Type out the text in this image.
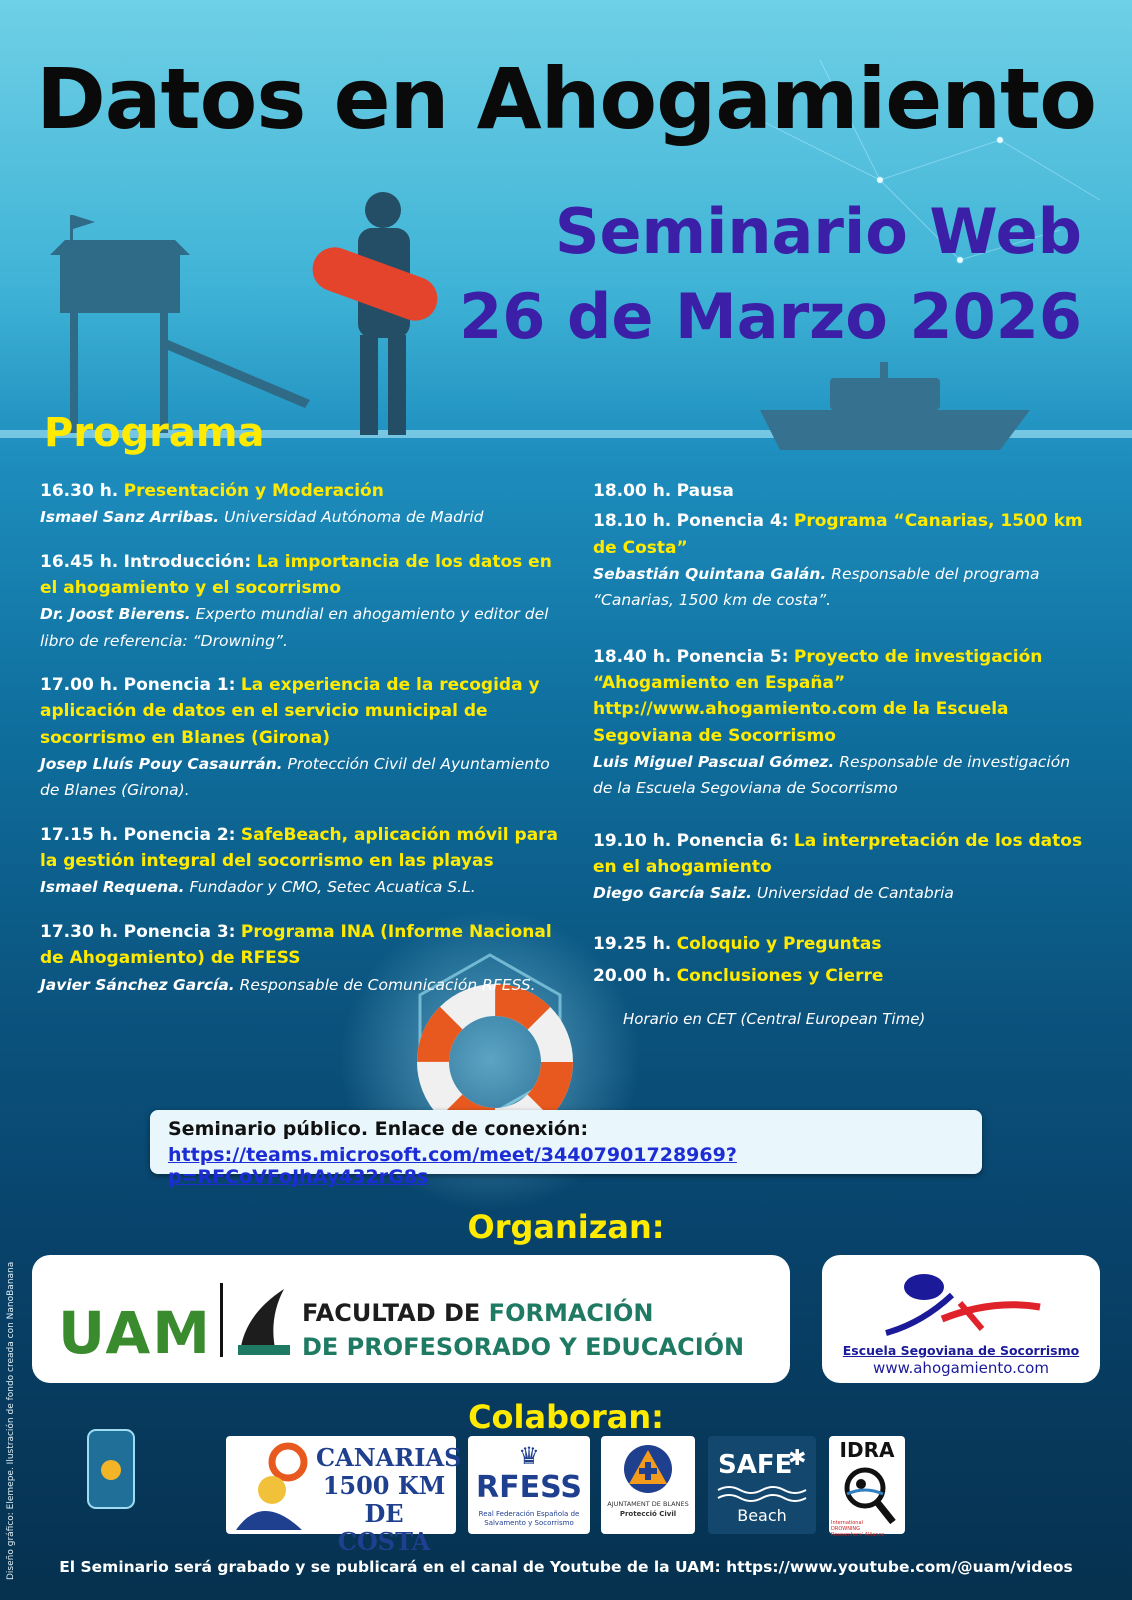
Datos en Ahogamiento
Seminario Web
26 de Marzo 2026
Programa
16.30 h. Presentación y Moderación
Ismael Sanz Arribas. Universidad Autónoma de Madrid
16.45 h. Introducción: La importancia de los datos en el ahogamiento y el socorrismo
Dr. Joost Bierens. Experto mundial en ahogamiento y editor del libro de referencia: “Drowning”.
17.00 h. Ponencia 1: La experiencia de la recogida y aplicación de datos en el servicio municipal de socorrismo en Blanes (Girona)
Josep Lluís Pouy Casaurrán. Protección Civil del Ayuntamiento de Blanes (Girona).
17.15 h. Ponencia 2: SafeBeach, aplicación móvil para la gestión integral del socorrismo en las playas
Ismael Requena. Fundador y CMO, Setec Acuatica S.L.
17.30 h. Ponencia 3: Programa INA (Informe Nacional de Ahogamiento) de RFESS
Javier Sánchez García. Responsable de Comunicación RFESS.
18.00 h. Pausa
18.10 h. Ponencia 4: Programa “Canarias, 1500 km de Costa”
Sebastián Quintana Galán. Responsable del programa “Canarias, 1500 km de costa”.
18.40 h. Ponencia 5: Proyecto de investigación “Ahogamiento en España” http://www.ahogamiento.com de la Escuela Segoviana de Socorrismo
Luis Miguel Pascual Gómez. Responsable de investigación de la Escuela Segoviana de Socorrismo
19.10 h. Ponencia 6: La interpretación de los datos en el ahogamiento
Diego García Saiz. Universidad de Cantabria
19.25 h. Coloquio y Preguntas
20.00 h. Conclusiones y Cierre
Horario en CET (Central European Time)
Seminario público. Enlace de conexión:
https://teams.microsoft.com/meet/34407901728969?p=RFCoVFoJhAy432rG8s
Organizan:
UAM	FACULTAD DE FORMACIÓN
DE PROFESORADO Y EDUCACIÓN	Escuela Segoviana de Socorrismo
www.ahogamiento.com
Colaboran:
CANARIAS
1500 KM
DE COSTA
♛
RFESS
Real Federación Española de Salvamento y Socorrismo
AJUNTAMENT DE BLANES
Protecció Civil
SAFE
✱
Beach
IDRA
International DROWNING Researchers' Alliance
El Seminario será grabado y se publicará en el canal de Youtube de la UAM: https://www.youtube.com/@uam/videos
Diseño gráfico: Elemepe. Ilustración de fondo creada con NanoBanana
